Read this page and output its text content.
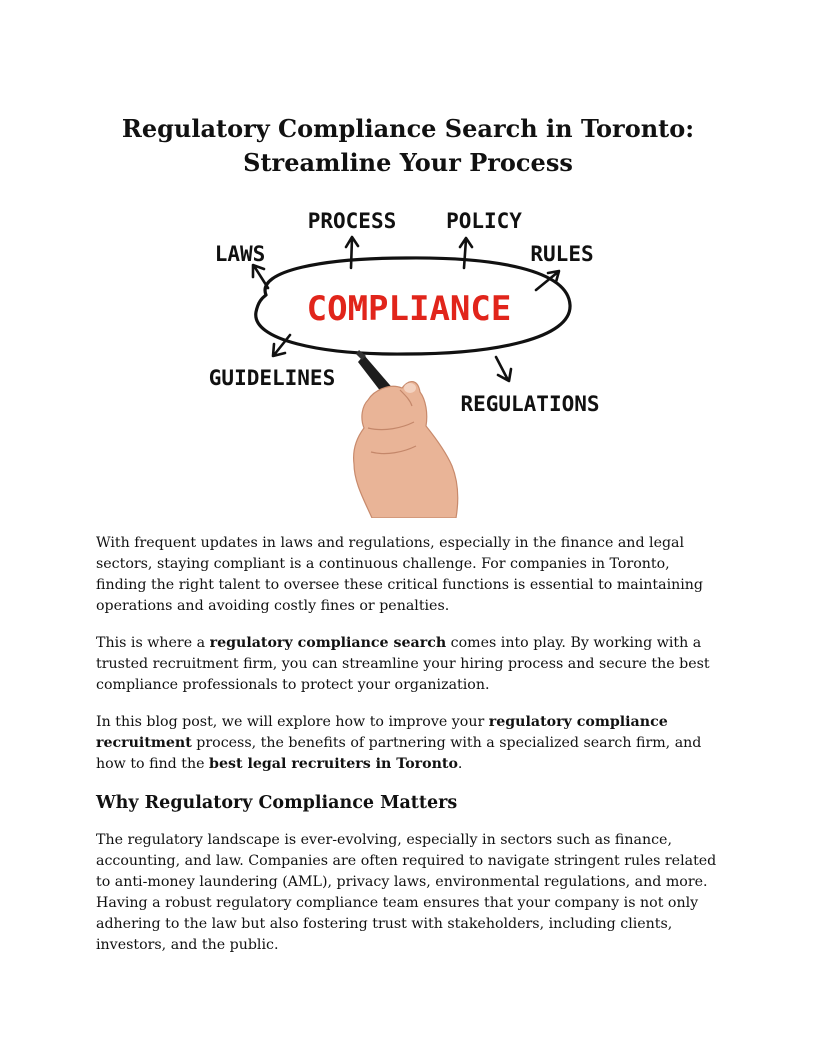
Regulatory Compliance Search in Toronto:
Streamline Your Process
PROCESS POLICY
LAWS	RULES
GUIDELINES
REGULATIONS
COMPLIANCE

With frequent updates in laws and regulations, especially in the finance and legal sectors, staying compliant is a continuous challenge. For companies in Toronto, finding the right talent to oversee these critical functions is essential to maintaining operations and avoiding costly fines or penalties.

This is where a regulatory compliance search comes into play. By working with a trusted recruitment firm, you can streamline your hiring process and secure the best compliance professionals to protect your organization.

In this blog post, we will explore how to improve your regulatory compliance recruitment process, the benefits of partnering with a specialized search firm, and how to find the best legal recruiters in Toronto.

Why Regulatory Compliance Matters

The regulatory landscape is ever-evolving, especially in sectors such as finance, accounting, and law. Companies are often required to navigate stringent rules related to anti-money laundering (AML), privacy laws, environmental regulations, and more. Having a robust regulatory compliance team ensures that your company is not only adhering to the law but also fostering trust with stakeholders, including clients, investors, and the public.
